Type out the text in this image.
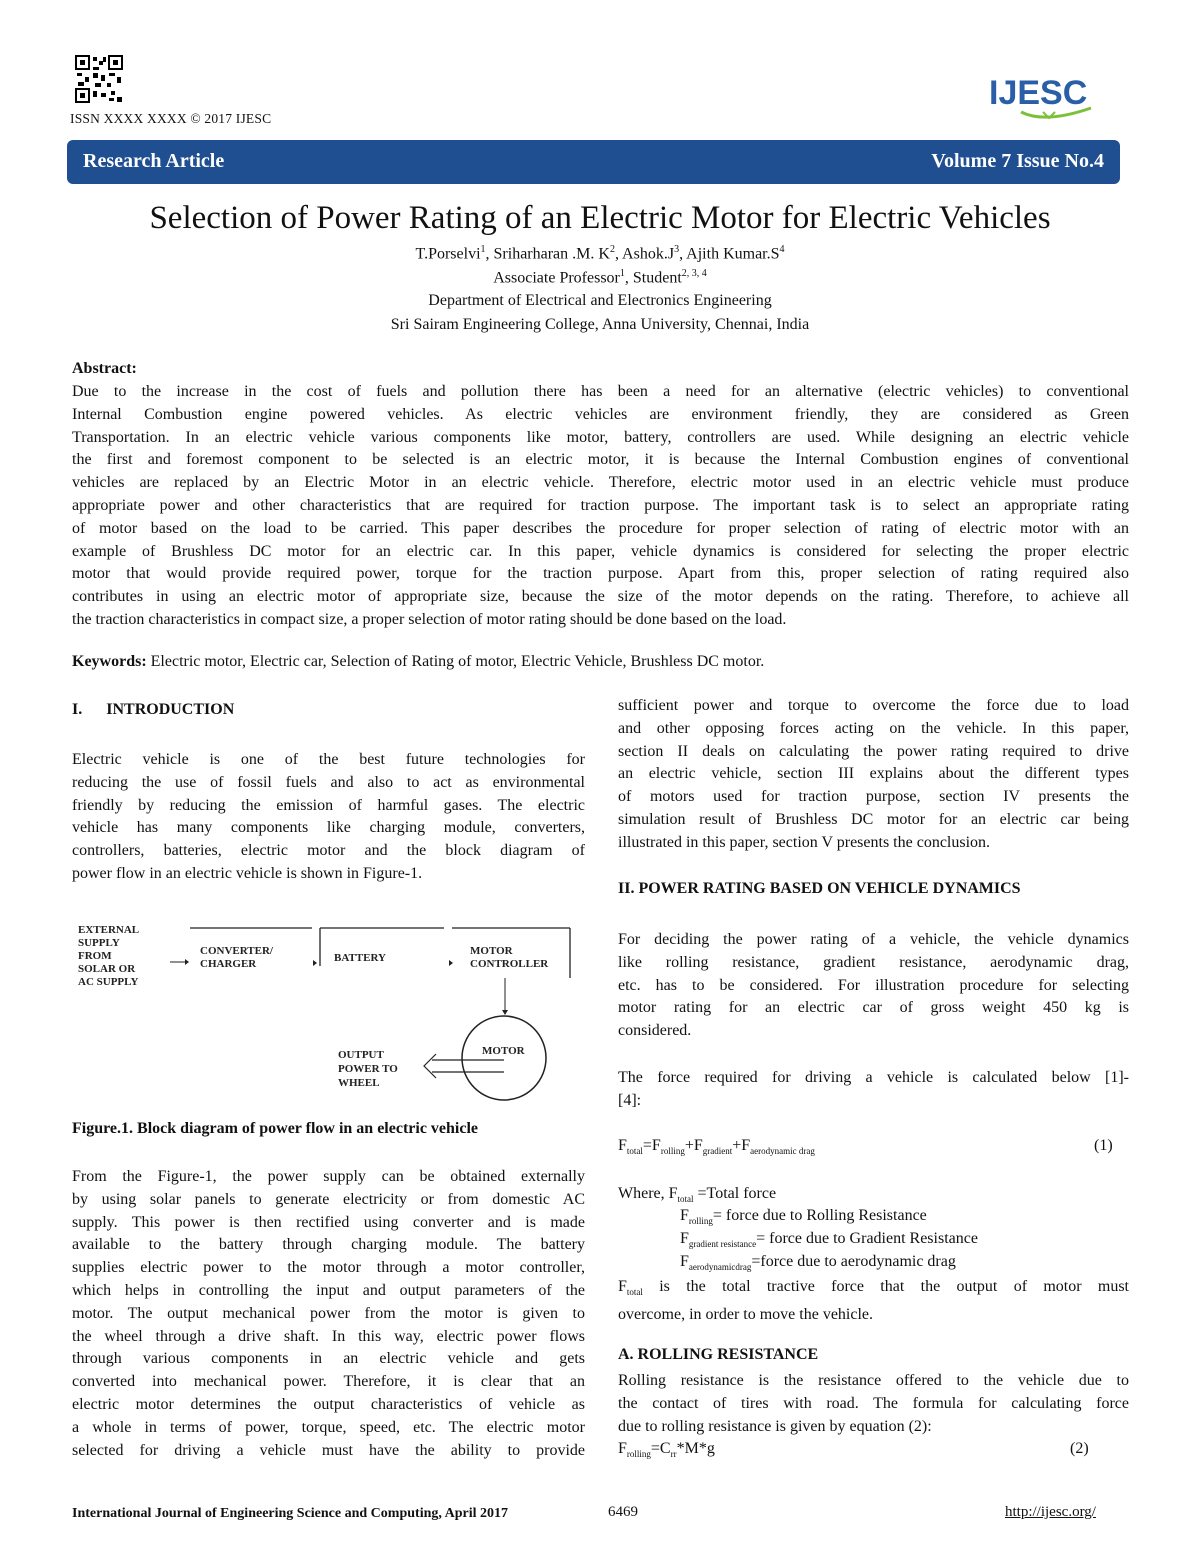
ISSN XXXX XXXX © 2017 IJESC
IJESC
Research Article	Volume 7 Issue No.4
Selection of Power Rating of an Electric Motor for Electric Vehicles
T.Porselvi$^1$, Sriharharan .M. $K^2$, $Ashok.J^3$, Ajith $Kumar.S^4$
Associate Professor$^1$, Student$^{2, 3, 4}$
Department of Electrical and Electronics Engineering
Sri Sairam Engineering College, Anna University, Chennai, India
Abstract:
Due to the increase in the cost of fuels and pollution there has been a need for an alternative (electric vehicles) to conventional
Internal Combustion engine powered vehicles. As electric vehicles are environment friendly, they are considered as Green
Transportation. In an electric vehicle various components like motor, battery, controllers are used. While designing an electric vehicle
the first and foremost component to be selected is an electric motor, it is because the Internal Combustion engines of conventional
vehicles are replaced by an Electric Motor in an electric vehicle. Therefore, electric motor used in an electric vehicle must produce
appropriate power and other characteristics that are required for traction purpose. The important task is to select an appropriate rating
of motor based on the load to be carried. This paper describes the procedure for proper selection of rating of electric motor with an
example of Brushless DC motor for an electric car. In this paper, vehicle dynamics is considered for selecting the proper electric
motor that would provide required power, torque for the traction purpose. Apart from this, proper selection of rating required also
contributes in using an electric motor of appropriate size, because the size of the motor depends on the rating. Therefore, to achieve all
the traction characteristics in compact size, a proper selection of motor rating should be done based on the load.
Keywords: Electric motor, Electric car, Selection of Rating of motor, Electric Vehicle, Brushless DC motor.
I. INTRODUCTION
Electric vehicle is one of the best future technologies for
reducing the use of fossil fuels and also to act as environmental
friendly by reducing the emission of harmful gases. The electric
vehicle has many components like charging module, converters,
controllers, batteries, electric motor and the block diagram of
power flow in an electric vehicle is shown in Figure-1.
EXTERNAL
SUPPLY
FROM
SOLAR OR
AC SUPPLY
CONVERTER/
CHARGER	BATTERY
MOTOR
CONTROLLER
MOTOR
OUTPUT
POWER TO
WHEEL
Figure.1. Block diagram of power flow in an electric vehicle
From the Figure-1, the power supply can be obtained externally
by using solar panels to generate electricity or from domestic AC
supply. This power is then rectified using converter and is made
available to the battery through charging module. The battery
supplies electric power to the motor through a motor controller,
which helps in controlling the input and output parameters of the
motor. The output mechanical power from the motor is given to
the wheel through a drive shaft. In this way, electric power flows
through various components in an electric vehicle and gets
converted into mechanical power. Therefore, it is clear that an
electric motor determines the output characteristics of vehicle as
a whole in terms of power, torque, speed, etc. The electric motor
selected for driving a vehicle must have the ability to provide
sufficient power and torque to overcome the force due to load
and other opposing forces acting on the vehicle. In this paper,
section II deals on calculating the power rating required to drive
an electric vehicle, section III explains about the different types
of motors used for traction purpose, section IV presents the
simulation result of Brushless DC motor for an electric car being
illustrated in this paper, section V presents the conclusion.
II. POWER RATING BASED ON VEHICLE DYNAMICS
For deciding the power rating of a vehicle, the vehicle dynamics
like rolling resistance, gradient resistance, aerodynamic drag,
etc. has to be considered. For illustration procedure for selecting
motor rating for an electric car of gross weight 450 kg is
considered.
The force required for driving a vehicle is calculated below [1]-
[4]:
$F_{total}=F_{rolling}+F_{gradient}+F_{aerodynamic drag}$	(1)
Where, $F_{total}$ =Total force
$F_{rolling}=$ force due to Rolling Resistance
$F_{gradient resistance}=$ force due to Gradient Resistance
$F_{aerodynamicdrag}=force$ due to aerodynamic drag
$F_{total}$ is the total tractive force that the output of motor must
overcome, in order to move the vehicle.
A. ROLLING RESISTANCE
Rolling resistance is the resistance offered to the vehicle due to
the contact of tires with road. The formula for calculating force
due to rolling resistance is given by equation (2):
$F_{rolling}=C_{rr}*M*g$	(2)
International Journal of Engineering Science and Computing, April 2017	6469	http://ijesc.org/
